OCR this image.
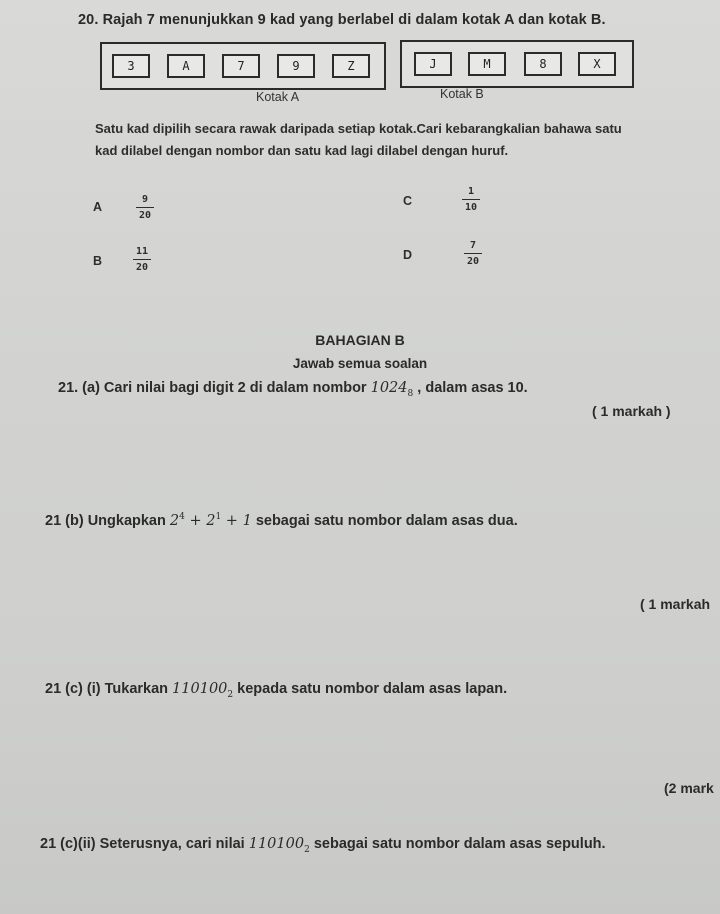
20. Rajah 7 menunjukkan 9 kad yang berlabel di dalam kotak A dan kotak B.
3	A	7	9	Z	J	M	8	X
Kotak A	Kotak B
Satu kad dipilih secara rawak daripada setiap kotak.Cari kebarangkalian bahawa satu
kad dilabel dengan nombor dan satu kad lagi dilabel dengan huruf.
A
9
20
B
11
20
C
1
10
D
7
20
BAHAGIAN B
Jawab semua soalan
21. (a) Cari nilai bagi digit 2 di dalam nombor $1024_8$ , dalam asas 10.
( 1 markah )
21 (b) Ungkapkan $2^4 + 2^1 + 1$ sebagai satu nombor dalam asas dua.
( 1 markah
21 (c) (i) Tukarkan $110100_2$ kepada satu nombor dalam asas lapan.
(2 mark
21 (c)(ii) Seterusnya, cari nilai $110100_2$ sebagai satu nombor dalam asas sepuluh.
